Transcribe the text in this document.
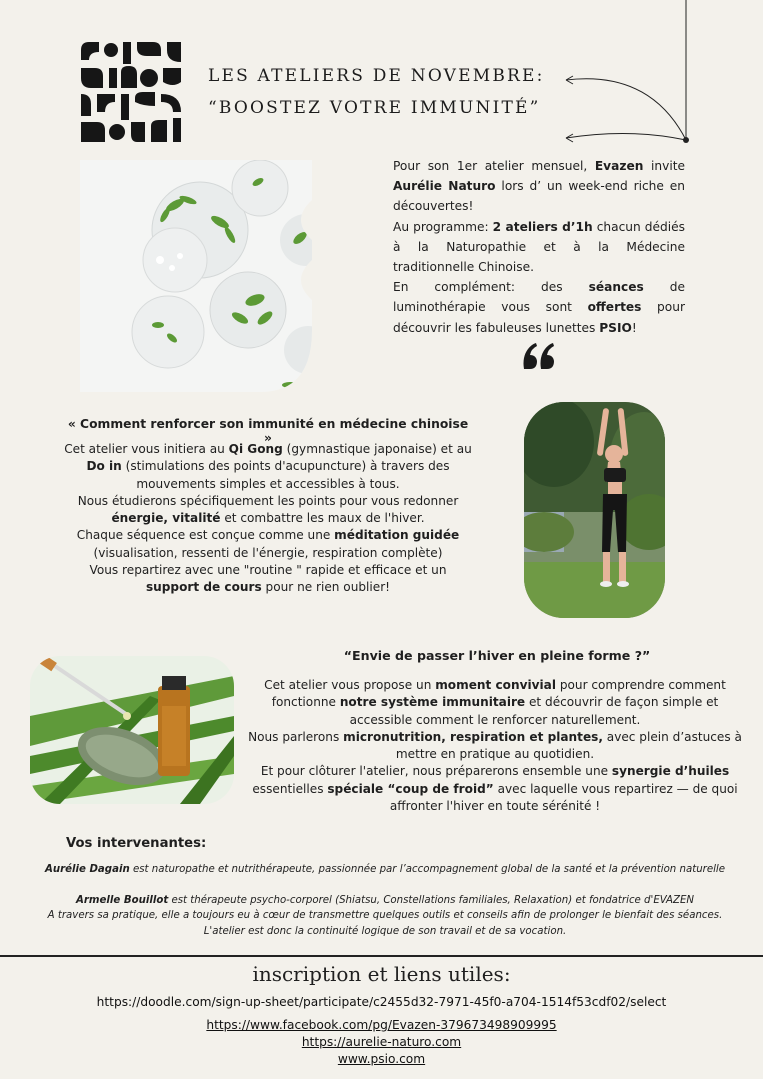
LES ATELIERS DE NOVEMBRE:
“BOOSTEZ VOTRE IMMUNITÉ”

Pour son 1er atelier mensuel, Evazen invite Aurélie Naturo lors d’ un week-end riche en découvertes!

Au programme: 2 ateliers d’1h chacun dédiés à la Naturopathie et à la Médecine traditionnelle Chinoise.

En complément: des séances de luminothérapie vous sont offertes pour découvrir les fabuleuses lunettes PSIO!

« Comment renforcer son immunité en médecine chinoise »
Cet atelier vous initiera au Qi Gong (gymnastique japonaise) et au Do in (stimulations des points d'acupuncture) à travers des mouvements simples et accessibles à tous.
Nous étudierons spécifiquement les points pour vous redonner énergie, vitalité et combattre les maux de l'hiver.
Chaque séquence est conçue comme une méditation guidée
(visualisation, ressenti de l'énergie, respiration complète)
Vous repartirez avec une "routine " rapide et efficace et un support de cours pour ne rien oublier!
“Envie de passer l’hiver en pleine forme ?”
Cet atelier vous propose un moment convivial pour comprendre comment fonctionne notre système immunitaire et découvrir de façon simple et accessible comment le renforcer naturellement.
Nous parlerons micronutrition, respiration et plantes, avec plein d’astuces à mettre en pratique au quotidien.
Et pour clôturer l'atelier, nous préparerons ensemble une synergie d’huiles essentielles spéciale “coup de froid” avec laquelle vous repartirez — de quoi affronter l'hiver en toute sérénité !
Vos intervenantes:
Aurélie Dagain est naturopathe et nutrithérapeute, passionnée par l’accompagnement global de la santé et la prévention naturelle
Armelle Bouillot est thérapeute psycho-corporel (Shiatsu, Constellations familiales, Relaxation) et fondatrice d'EVAZEN
A travers sa pratique, elle a toujours eu à cœur de transmettre quelques outils et conseils afin de prolonger le bienfait des séances.
L'atelier est donc la continuité logique de son travail et de sa vocation.
inscription et liens utiles:
https://doodle.com/sign-up-sheet/participate/c2455d32-7971-45f0-a704-1514f53cdf02/select
https://www.facebook.com/pg/Evazen-379673498909995
https://aurelie-naturo.com
www.psio.com
